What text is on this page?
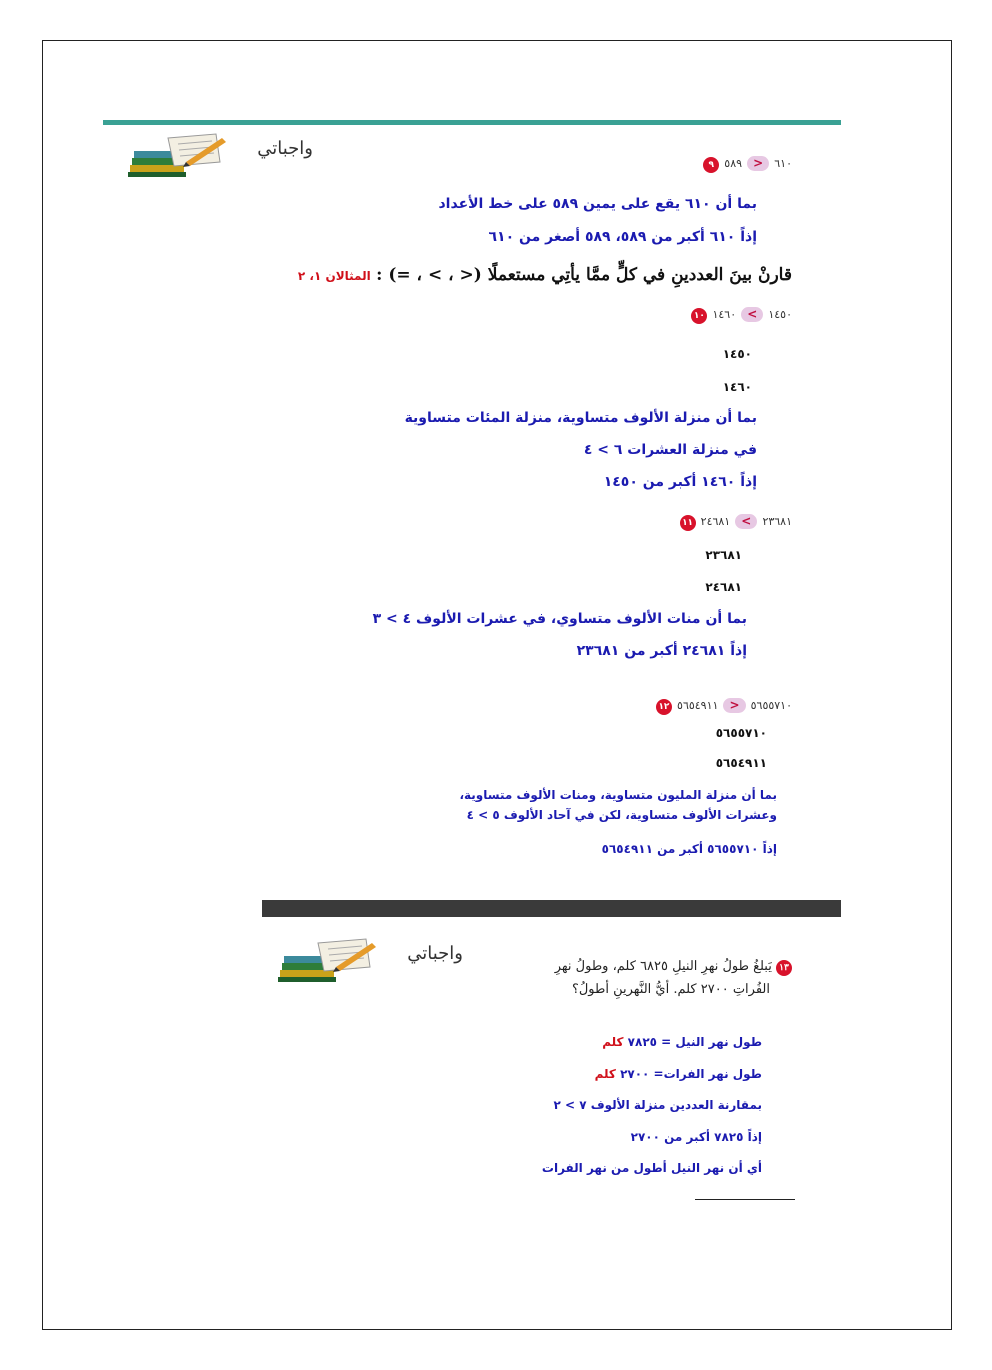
واجباتي
٩	٦١٠ < ٥٨٩
بما أن ٦١٠ يقع على يمين ٥٨٩ على خط الأعداد
إذاً ٦١٠ أكبر من ٥٨٩، ٥٨٩ أصغر من ٦١٠
قارنْ بينَ العددينِ في كلٍّ ممَّا يأتِي مستعملًا (< ، > ، =) : المثالان ١، ٢
١٠	١٤٥٠ > ١٤٦٠
١٤٥٠
١٤٦٠
بما أن منزلة الألوف متساوية، منزلة المئات متساوية
في منزلة العشرات ٦ > ٤
إذاً ١٤٦٠ أكبر من ١٤٥٠
١١	٢٣٦٨١ > ٢٤٦٨١
٢٣٦٨١
٢٤٦٨١
بما أن منات الألوف متساوي، في عشرات الألوف ٤ > ٣
إذاً ٢٤٦٨١ أكبر من ٢٣٦٨١
١٢	٥٦٥٥٧١٠ < ٥٦٥٤٩١١
٥٦٥٥٧١٠
٥٦٥٤٩١١
بما أن منزلة المليون متساوية، ومنات الألوف متساوية،
وعشرات الألوف متساوية، لكن في آحاد الألوف ٥ > ٤
إذاً ٥٦٥٥٧١٠ أكبر من ٥٦٥٤٩١١
واجباتي
١٣ يَبلغُ طولُ نهرِ النيلِ ٦٨٢٥ كلم، وطولُ نهرِ
الفُراتِ ٢٧٠٠ كلم. أيُّ النَّهرينِ أطولُ؟
طول نهر النيل = ٧٨٢٥ كلم
طول نهر الفرات= ٢٧٠٠ كلم
بمقارنة العددين منزلة الألوف ٧ > ٢
إذاً ٧٨٢٥ أكبر من ٢٧٠٠
أي أن نهر النيل أطول من نهر الفرات
